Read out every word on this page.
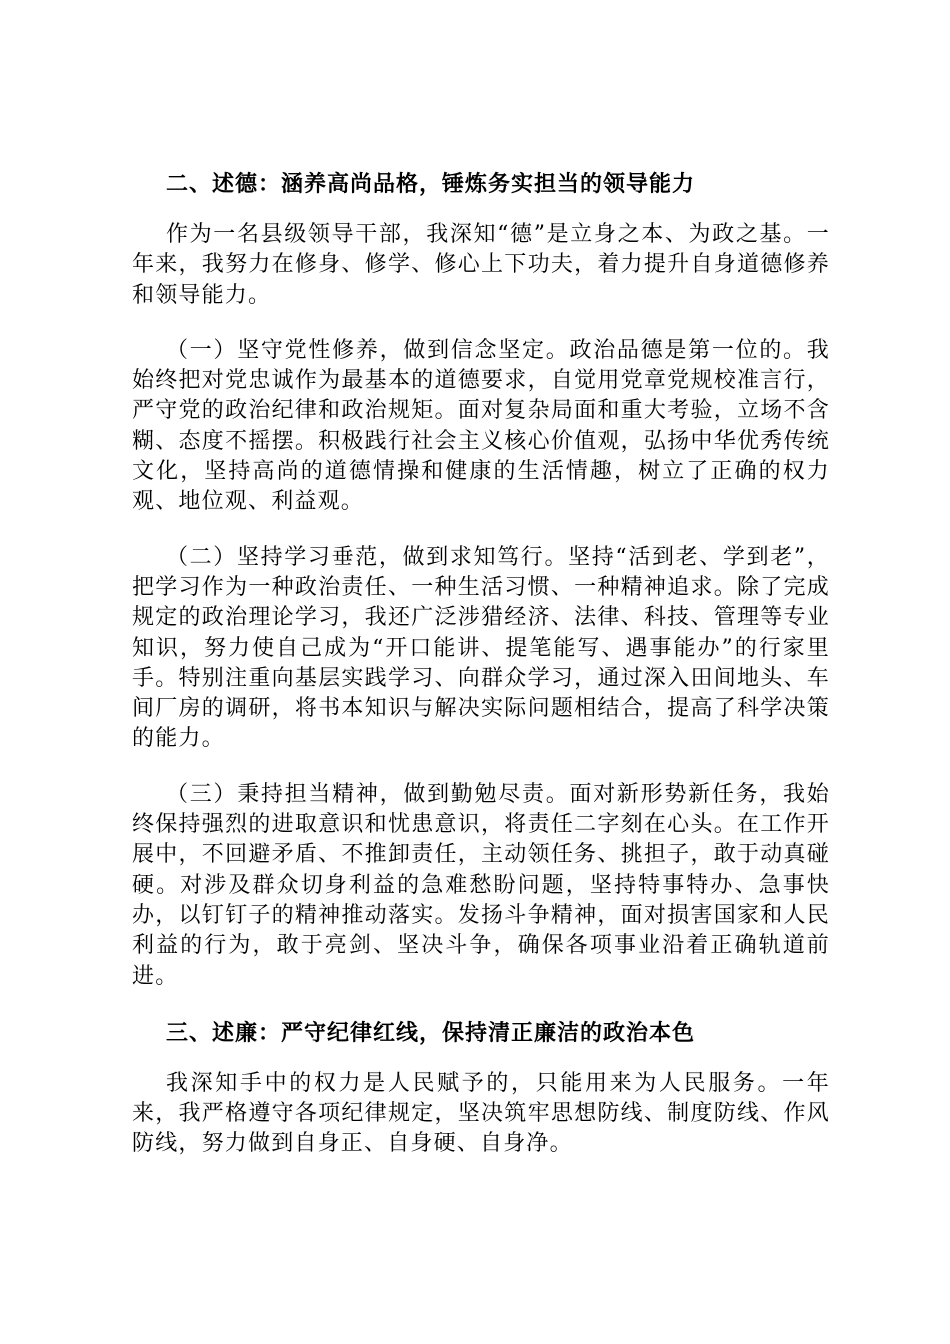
二、述德：涵养高尚品格，锤炼务实担当的领导能力

作为一名县级领导干部，我深知“德”是立身之本、为政之基。一年来，我努力在修身、修学、修心上下功夫，着力提升自身道德修养和领导能力。

（一）坚守党性修养，做到信念坚定。政治品德是第一位的。我始终把对党忠诚作为最基本的道德要求，自觉用党章党规校准言行，严守党的政治纪律和政治规矩。面对复杂局面和重大考验，立场不含糊、态度不摇摆。积极践行社会主义核心价值观，弘扬中华优秀传统文化，坚持高尚的道德情操和健康的生活情趣，树立了正确的权力观、地位观、利益观。

（二）坚持学习垂范，做到求知笃行。坚持“活到老、学到老”，把学习作为一种政治责任、一种生活习惯、一种精神追求。除了完成规定的政治理论学习，我还广泛涉猎经济、法律、科技、管理等专业知识，努力使自己成为“开口能讲、提笔能写、遇事能办”的行家里手。特别注重向基层实践学习、向群众学习，通过深入田间地头、车间厂房的调研，将书本知识与解决实际问题相结合，提高了科学决策的能力。

（三）秉持担当精神，做到勤勉尽责。面对新形势新任务，我始终保持强烈的进取意识和忧患意识，将责任二字刻在心头。在工作开展中，不回避矛盾、不推卸责任，主动领任务、挑担子，敢于动真碰硬。对涉及群众切身利益的急难愁盼问题，坚持特事特办、急事快办，以钉钉子的精神推动落实。发扬斗争精神，面对损害国家和人民利益的行为，敢于亮剑、坚决斗争，确保各项事业沿着正确轨道前进。

三、述廉：严守纪律红线，保持清正廉洁的政治本色

我深知手中的权力是人民赋予的，只能用来为人民服务。一年来，我严格遵守各项纪律规定，坚决筑牢思想防线、制度防线、作风防线，努力做到自身正、自身硬、自身净。
